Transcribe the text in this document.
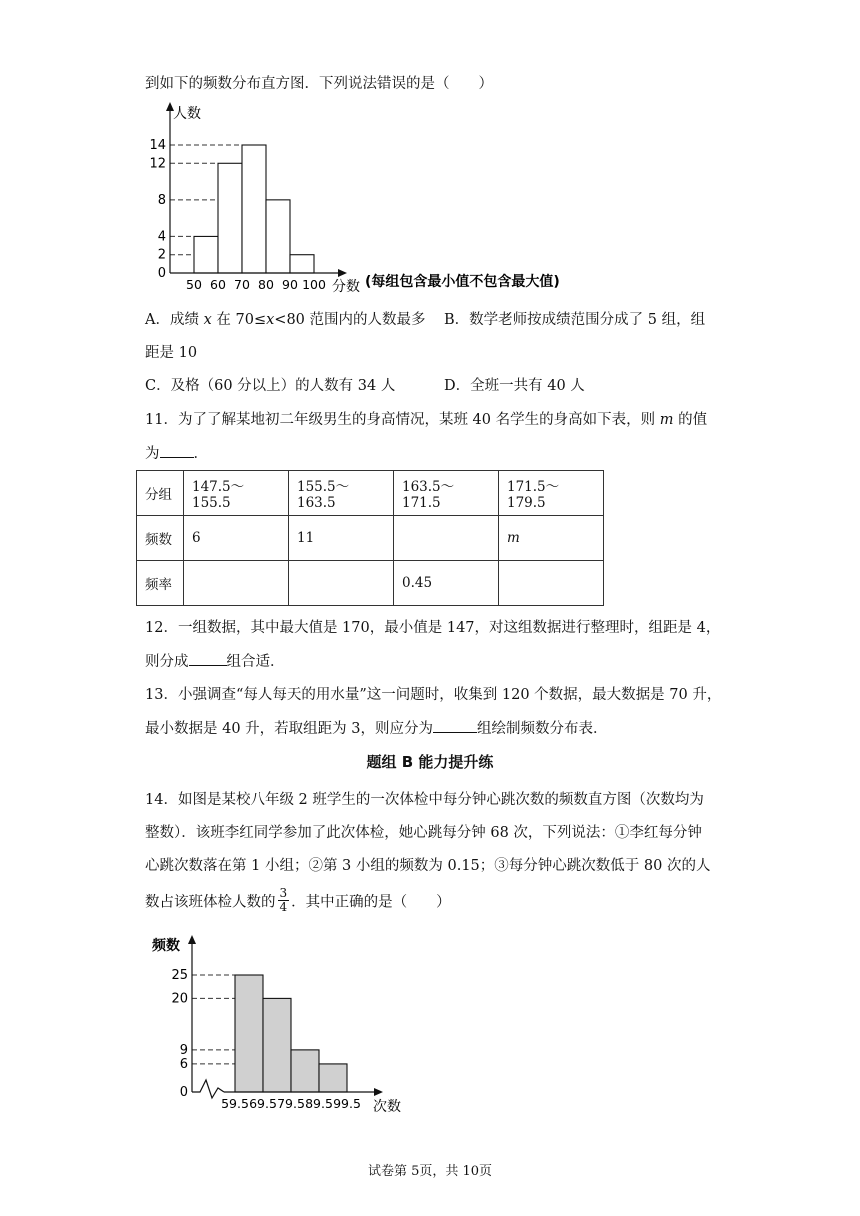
到如下的频数分布直方图．下列说法错误的是（　　）
人数
分数 (每组包含最小值不包含最大值)
14
12
8
4
2
0
50 60 70 80 90 100
A．成绩 x 在 70≤x<80 范围内的人数最多 B．数学老师按成绩范围分成了 5 组，组
距是 10
C．及格（60 分以上）的人数有 34 人	D．全班一共有 40 人
11．为了了解某地初二年级男生的身高情况，某班 40 名学生的身高如下表，则 m 的值
为 ．
分组	147.5～155.5	155.5～163.5	163.5～171.5	171.5～179.5
频数	6	11		m
频率			0.45	
12．一组数据，其中最大值是 170，最小值是 147，对这组数据进行整理时，组距是 4，
则分成	组合适．
13．小强调查“每人每天的用水量”这一问题时，收集到 120 个数据，最大数据是 70 升，
最小数据是 40 升，若取组距为 3，则应分为	组绘制频数分布表．
题组 B 能力提升练
14．如图是某校八年级 2 班学生的一次体检中每分钟心跳次数的频数直方图（次数均为
整数）．该班李红同学参加了此次体检，她心跳每分钟 68 次，下列说法：①李红每分钟
心跳次数落在第 1 小组；②第 3 小组的频数为 0.15；③每分钟心跳次数低于 80 次的人
数占该班体检人数的 $\frac{3}{4}$ ．其中正确的是（　　）
频数
次数
25
20
9
6
0
59.5 69.5 79.5 89.5 99.5
试卷第 5页，共 10页
